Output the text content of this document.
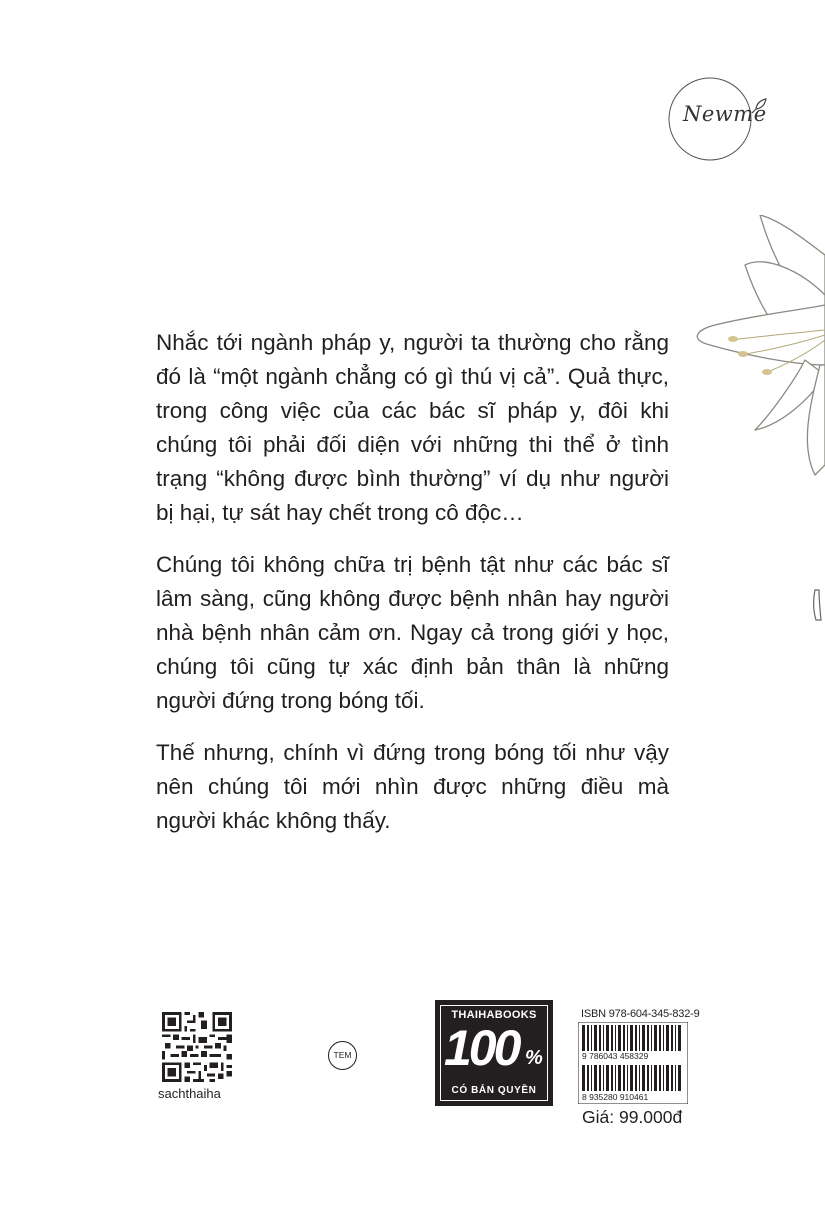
Newme

Nhắc tới ngành pháp y, người ta thường cho rằng đó là “một ngành chẳng có gì thú vị cả”. Quả thực, trong công việc của các bác sĩ pháp y, đôi khi chúng tôi phải đối diện với những thi thể ở tình trạng “không được bình thường” ví dụ như người bị hại, tự sát hay chết trong cô độc…

Chúng tôi không chữa trị bệnh tật như các bác sĩ lâm sàng, cũng không được bệnh nhân hay người nhà bệnh nhân cảm ơn. Ngay cả trong giới y học, chúng tôi cũng tự xác định bản thân là những người đứng trong bóng tối.

Thế nhưng, chính vì đứng trong bóng tối như vậy nên chúng tôi mới nhìn được những điều mà người khác không thấy.

sachthaiha
TEM
THAIHABOOKS
100 %
CÓ BẢN QUYỀN
ISBN 978-604-345-832-9
9 786043 458329
8 935280 910461
Giá: 99.000đ
